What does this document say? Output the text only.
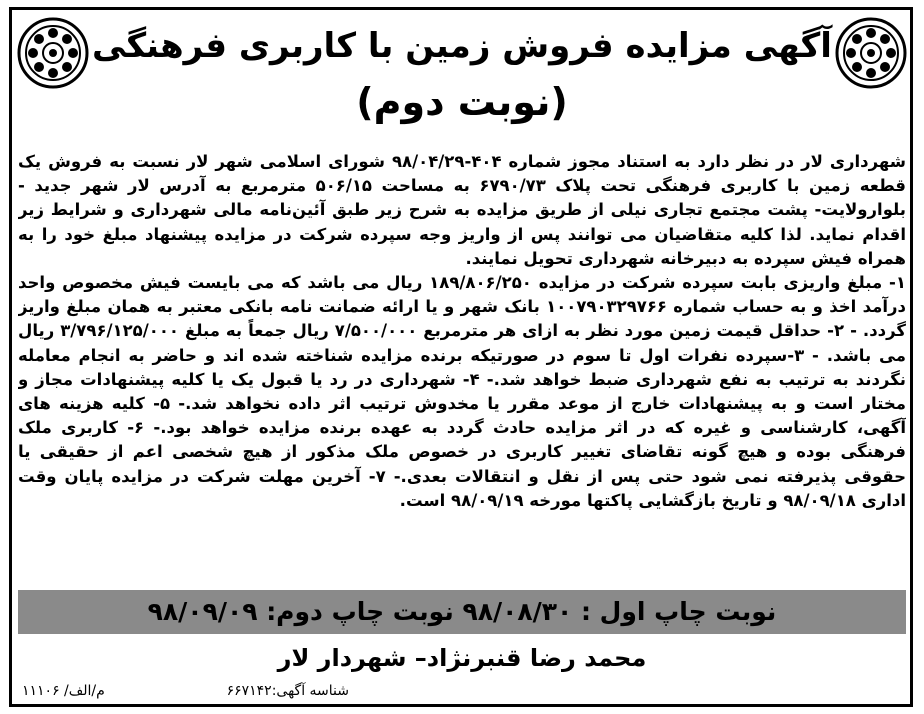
آگهی مزایده فروش زمین با کاربری فرهنگی
(نوبت دوم)

شهرداری لار در نظر دارد به استناد مجوز شماره ۴۰۴-۹۸/۰۴/۲۹ شورای اسلامی شهر لار نسبت به فروش یک قطعه زمین با کاربری فرهنگی تحت پلاک ۶۷۹۰/۷۳ به مساحت ۵۰۶/۱۵ مترمربع به آدرس لار شهر جدید - بلوارولایت- پشت مجتمع تجاری نیلی از طریق مزایده به شرح زیر طبق آئین‌نامه مالی شهرداری و شرایط زیر اقدام نماید. لذا کلیه متقاضیان می توانند پس از واریز وجه سپرده شرکت در مزایده پیشنهاد مبلغ خود را به همراه فیش سپرده به دبیرخانه شهرداری تحویل نمایند.

۱- مبلغ واریزی بابت سپرده شرکت در مزایده ۱۸۹/۸۰۶/۲۵۰ ریال می باشد که می بایست فیش مخصوص واحد درآمد اخذ و به حساب شماره ۱۰۰۷۹۰۳۲۹۷۶۶ بانک شهر و یا ارائه ضمانت نامه بانکی معتبر به همان مبلغ واریز گردد. - ۲- حداقل قیمت زمین مورد نظر به ازای هر مترمربع ۷/۵۰۰/۰۰۰ ریال جمعاً به مبلغ ۳/۷۹۶/۱۲۵/۰۰۰ ریال می باشد. - ۳-سپرده نفرات اول تا سوم در صورتیکه برنده مزایده شناخته شده اند و حاضر به انجام معامله نگردند به ترتیب به نفع شهرداری ضبط خواهد شد.- ۴- شهرداری در رد یا قبول یک یا کلیه پیشنهادات مجاز و مختار است و به پیشنهادات خارج از موعد مقرر یا مخدوش ترتیب اثر داده نخواهد شد.- ۵- کلیه هزینه های آگهی، کارشناسی و غیره که در اثر مزایده حادث گردد به عهده برنده مزایده خواهد بود.- ۶- کاربری ملک فرهنگی بوده و هیچ گونه تقاضای تغییر کاربری در خصوص ملک مذکور از هیچ شخصی اعم از حقیقی یا حقوقی پذیرفته نمی شود حتی پس از نقل و انتقالات بعدی.- ۷- آخرین مهلت شرکت در مزایده پایان وقت اداری ۹۸/۰۹/۱۸ و تاریخ بازگشایی پاکتها مورخه ۹۸/۰۹/۱۹ است.

نوبت چاپ اول : ۹۸/۰۸/۳۰ نوبت چاپ دوم: ۹۸/۰۹/۰۹
محمد رضا قنبرنژاد– شهردار لار
شناسه آگهی:۶۶۷۱۴۲
م/الف/ ۱۱۱۰۶
